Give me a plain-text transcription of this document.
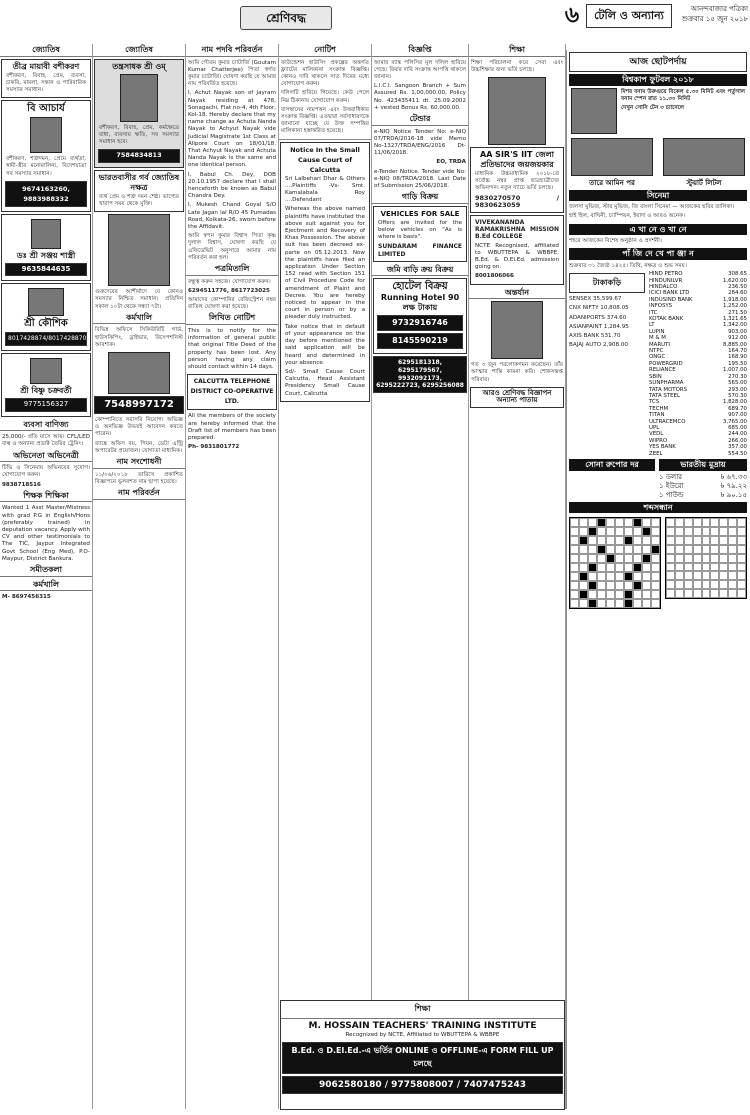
শ্রেণিবদ্ধ	৬	টেলি ও অন্যান্য	আনন্দবাজার পত্রিকা শুক্রবার ১৫ জুন ২০১৮
জ্যোতিষ
তীব্র মায়াবী বশীকরণ
বশীকরণ, বিবাহ, প্রেম, ব্যবসা, চাকরি, মামলা, সন্তান ও পারিবারিক সমস্যার সমাধান।
বি আচার্য
বশীকরণ, শত্রুদমন, প্রেমে ব্যর্থতা, স্বামী-স্ত্রীর মনোমালিন্য, বিদেশযাত্রা সব সমস্যার সমাধান।
9674163260, 9883988332
ডঃ শ্রী সঞ্জয় শাস্ত্রী
9635844635
শ্রী কৌশিক
8017428874/8017428870
শ্রী বিষ্ণু চক্রবর্তী
9775156327
ব্যবসা বাণিজ্য
25,000/- প্রতি মাসে আয়। CFL/LED বাল্ব ও অন্যান্য প্রডাক্ট তৈরির ট্রেনিং।
অভিনেতা অভিনেত্রী
টিভি ও সিনেমায় অভিনয়ের সুযোগ। যোগাযোগ করুন।
9838718516
শিক্ষক শিক্ষিকা
Wanted 1 Asst Master/Mistress with grad P.G in English/Hons (preferably trained) in deputation vacancy. Apply with CV and other testimonials to The TIC, Jaypur Integrated Govt School (Eng Med), P.O- Maypur, District Bankura.
সমীতকলা
কর্মখালি
M- 8697456315
জ্যোতিষ
তন্ত্রসাধক শ্রী ওম্
বশীকরণ, বিবাহ, প্রেম, কর্মক্ষেত্রে বাধা, ব্যবসায় ক্ষতি, সব সমস্যার সমাধান হবে।
7584834813
ভারতবাসীর গর্ব জ্যোতিষ নক্ষত্র
ব্যর্থ প্রেম ও শত্রু দমন শেষ্ঠ। ভাগ্যের খারাপ সময় থেকে মুক্তি।
গুরুদেবের আশীর্বাদে যে কোনও সমস্যার নিশ্চিত সমাধান। প্রতিদিন সকাল ১০টা থেকে সন্ধ্যা ৭টা।
কর্মখালি
বিভিন্ন অফিসে সিকিউরিটি গার্ড, হাউসকিপিং, ড্রাইভার, রিসেপশনিস্ট আবশ্যক।
7548997172
কোম্পানিতে সরাসরি নিয়োগ। অভিজ্ঞ ও অনভিজ্ঞ উভয়ই আবেদন করতে পারেন।
ব্যাঙ্কে অফিস বয়, পিয়ন, ডেটা এন্ট্রি অপারেটর প্রয়োজন। যোগ্যতা মাধ্যমিক।
নাম সংশোধনী
১১/০৬/২০১৮ তারিখে প্রকাশিত বিজ্ঞাপনে ভুলবশত নাম ছাপা হয়েছে।
নাম পরিবর্তন
নাম পদবি পরিবর্তন
আমি গৌতম কুমার চ্যাটার্জি (Goutam Kumar Chatterjee) পিতা স্বর্গত কুমার চ্যাটার্জি। ঘোষণা করছি যে আমার নাম পরিবর্তিত হয়েছে।
I, Achut Nayak son of Jayram Nayak residing at 478, Sonagachi, Flat no-4, 4th Floor, Kol-18. Hereby declare that my name change as Achuta Nanda Nayak to Achyut Nayak vide Judicial Magistrate 1st Class at Alipore Court on 18/01/18. That Achyut Nayak and Achuta Nanda Nayak is the same and one identical person.
I, Babul Ch. Dey, DOB 20.10.1957 declare that I shall henceforth be known as Babul Chandra Dey.
I, Mukesh Chand Goyal S/O Late Jagan lal R/O 45 Pumadas Road, Kolkata-26, sworn before the Affidavit.
আমি স্বপন কুমার বিশ্বাস পিতা কৃষ্ণ দুলাল বিশ্বাস, ঘোষণা করছি যে এফিডেভিট অনুসারে আমার নাম পরিবর্তন করা হল।
পত্রমিতালি
বন্ধুত্ব করুন সহজে। যোগাযোগ করুন।
6294511776, 8617723025
আমাদের কোম্পানির রেজিস্ট্রেশন নম্বর বাতিল ঘোষণা করা হয়েছে।
লিখিত নোটিশ
This is to notify for the information of general public that original Title Deed of the property has been lost. Any person having any claim should contact within 14 days.
CALCUTTA TELEPHONE DISTRICT CO-OPERATIVE LTD.
All the members of the society are hereby informed that the Draft list of members has been prepared.
Ph- 9831801772
নোটিশ
ফাউন্ডেশন হাউসিং প্রকল্পের অন্তর্গত ফ্ল্যাটের মালিকানা সংক্রান্ত বিজ্ঞপ্তি। কোনও দাবি থাকলে সাত দিনের মধ্যে যোগাযোগ করুন।
দলিলটি হারিয়ে গিয়েছে। কেউ পেলে নিম্ন ঠিকানায় যোগাযোগ করুন।
বাসস্থানের নামপত্তন এবং উত্তরাধিকার সংক্রান্ত বিজ্ঞপ্তি। এতদ্বারা সর্বসাধারণকে জানানো যাচ্ছে যে উক্ত সম্পত্তির মালিকানা হস্তান্তরিত হয়েছে।
Notice In the Small Cause Court of Calcutta
Sri Lalbehari Dhar & Others ....Plaintiffs -Vs- Smt. Kamalabala Roy ....Defendant
Whereas the above named plaintiffs have instituted the above suit against you for Ejectment and Recovery of Khas Possession. The above suit has been decreed ex-parte on 05.12.2013. Now the plaintiffs have filed an application Under Section 152 read with Section 151 of Civil Procedure Code for amendment of Plaint and Decree. You are hereby noticed to appear in the court in person or by a pleader duly instructed.
Take notice that in default of your appearance on the day before mentioned the said application will be heard and determined in your absence.
Sd/- Small Cause Court Calcutta, Head Assistant Presidency Small Cause Court, Calcutta
বিজ্ঞপ্তি
আমার ব্যাঙ্ক পলিসির মূল দলিল হারিয়ে গেছে। বিমার দাবি সংক্রান্ত আপত্তি থাকলে জানান।
L.I.C.I. Sangoon Branch + Sum Assured Rs. 1,00,000.00, Policy No. 423435411 dt. 25.09.2002 + vested Bonus Rs. 60,000.00.
টেন্ডার
e-NIQ Notice Tender No: e-NIQ 07/TRDA/2016-18 vide Memo No-1327/TRDA/ENG/2016 Dt- 11/06/2018.
EO, TRDA
e-Tender Notice. Tender vide No: e-NIQ 08/TRDA/2018. Last Date of Submission 25/06/2018.
গাড়ি বিক্রয়
VEHICLES FOR SALE
Offers are invited for the below vehicles on "As is where is basis".
SUNDARAM FINANCE LIMITED
জমি বাড়ি ক্রয় বিক্রয়
হোটেল বিক্রয়
Running Hotel 90 লক্ষ টাকায়
9732916746
8145590219
6295181318, 6295179567, 9932092173, 6295222723, 6295256088
শিক্ষা
শিক্ষা পরিচালনা করে সেবা এবং উচ্চশিক্ষার জন্য ভর্তি চলছে।
AA SIR'S IIT জেলা প্রতিভাদের জয়জয়কার
মাধ্যমিক উচ্চমাধ্যমিক ২০১৮-তে সর্বোচ্চ নম্বর প্রাপ্ত ছাত্রছাত্রীদের অভিনন্দন। নতুন ব্যাচে ভর্তি চলছে।
9830270570 / 9830623059
VIVEKANANDA RAMAKRISHNA MISSION B.Ed COLLEGE
NCTE Recognised, affiliated to WBUTTEPA & WBBPE. B.Ed. & D.El.Ed. admission going on.
8001806066
অন্তর্যান
গত ৩ জুন পরলোকগমন করেছেন। তাঁর আত্মার শান্তি কামনা করি। শোকসন্তপ্ত পরিবার।
আরও শ্রেণিবদ্ধ বিজ্ঞাপন অন্যান্য পাতায়
শিক্ষা
M. HOSSAIN TEACHERS' TRAINING INSTITUTE
Recognized by NCTE, Affiliated to WBUTTEPA & WBBPE
B.Ed. ও D.El.Ed.-এ ভর্তির ONLINE ও OFFLINE-এ FORM FILL UP চলছে
9062580180 / 9775808007 / 7407475243
আজ ছোটপর্দায়
বিশ্বকাপ ফুটবল ২০১৮
মিশর বনাম উরুগুয়ে বিকেল ৫.৩০ মিনিট এবং পর্তুগাল বনাম স্পেন রাত ১১.৩০ মিনিট
দেখুন সোনি টেন ৩ চ্যানেলে
তারে আমিন পর	স্টুয়ার্ট লিটল
সিনেমা
জলসা মুভিজ, স্টার মুভিজ, জি বাংলা সিনেমা — আজকের ছবির তালিকা।
হাই হিল, বাঘিনী, চ্যাম্পিয়ন, ইরাদা ও আরও অনেক।
এ খা নে ও খা নে
শহরে আজকের বিশেষ অনুষ্ঠান ও প্রদর্শনী।
পাঁ জি দে খে পা ঞ্জা ন
শুক্রবার ৩১ জ্যৈষ্ঠ ১৪২৫। তিথি, নক্ষত্র ও শুভ সময়।
টাকাকড়ি
SENSEX 35,599.67
CNX NIFTY 10,808.05
ADANIPORTS 374.60
ASIANPAINT 1,284.95
AXIS BANK 531.70
BAJAJ AUTO 2,908.00
HIND PETRO	308.65
HINDUNILVR	1,620.00
HINDALCO	236.50
ICICI BANK LTD	284.60
INDUSIND BANK	1,918.00
INFOSYS	1,252.00
ITC	271.50
KOTAK BANK	1,321.65
LT	1,342.00
LUPIN	903.00
M & M	912.00
MARUTI	8,885.00
NTPC	164.70
ONGC	168.90
POWERGRID	195.50
RELIANCE	1,007.00
SBIN	270.30
SUNPHARMA	565.00
TATA MOTORS	293.00
TATA STEEL	570.30
TCS	1,828.00
TECHM	689.70
TITAN	907.00
ULTRACEMCO	3,765.00
UPL	685.00
VEDL	244.00
WIPRO	266.00
YES BANK	357.00
ZEEL	554.50
সোনা রুপোর দর	ভারতীয় মুদ্রায়
১ ডলার	৳ ৬৭.৩৩
১ ইউরো	৳ ৭৯.২২
১ পাউন্ড	৳ ৯০.১৫
শব্দসন্ধান
